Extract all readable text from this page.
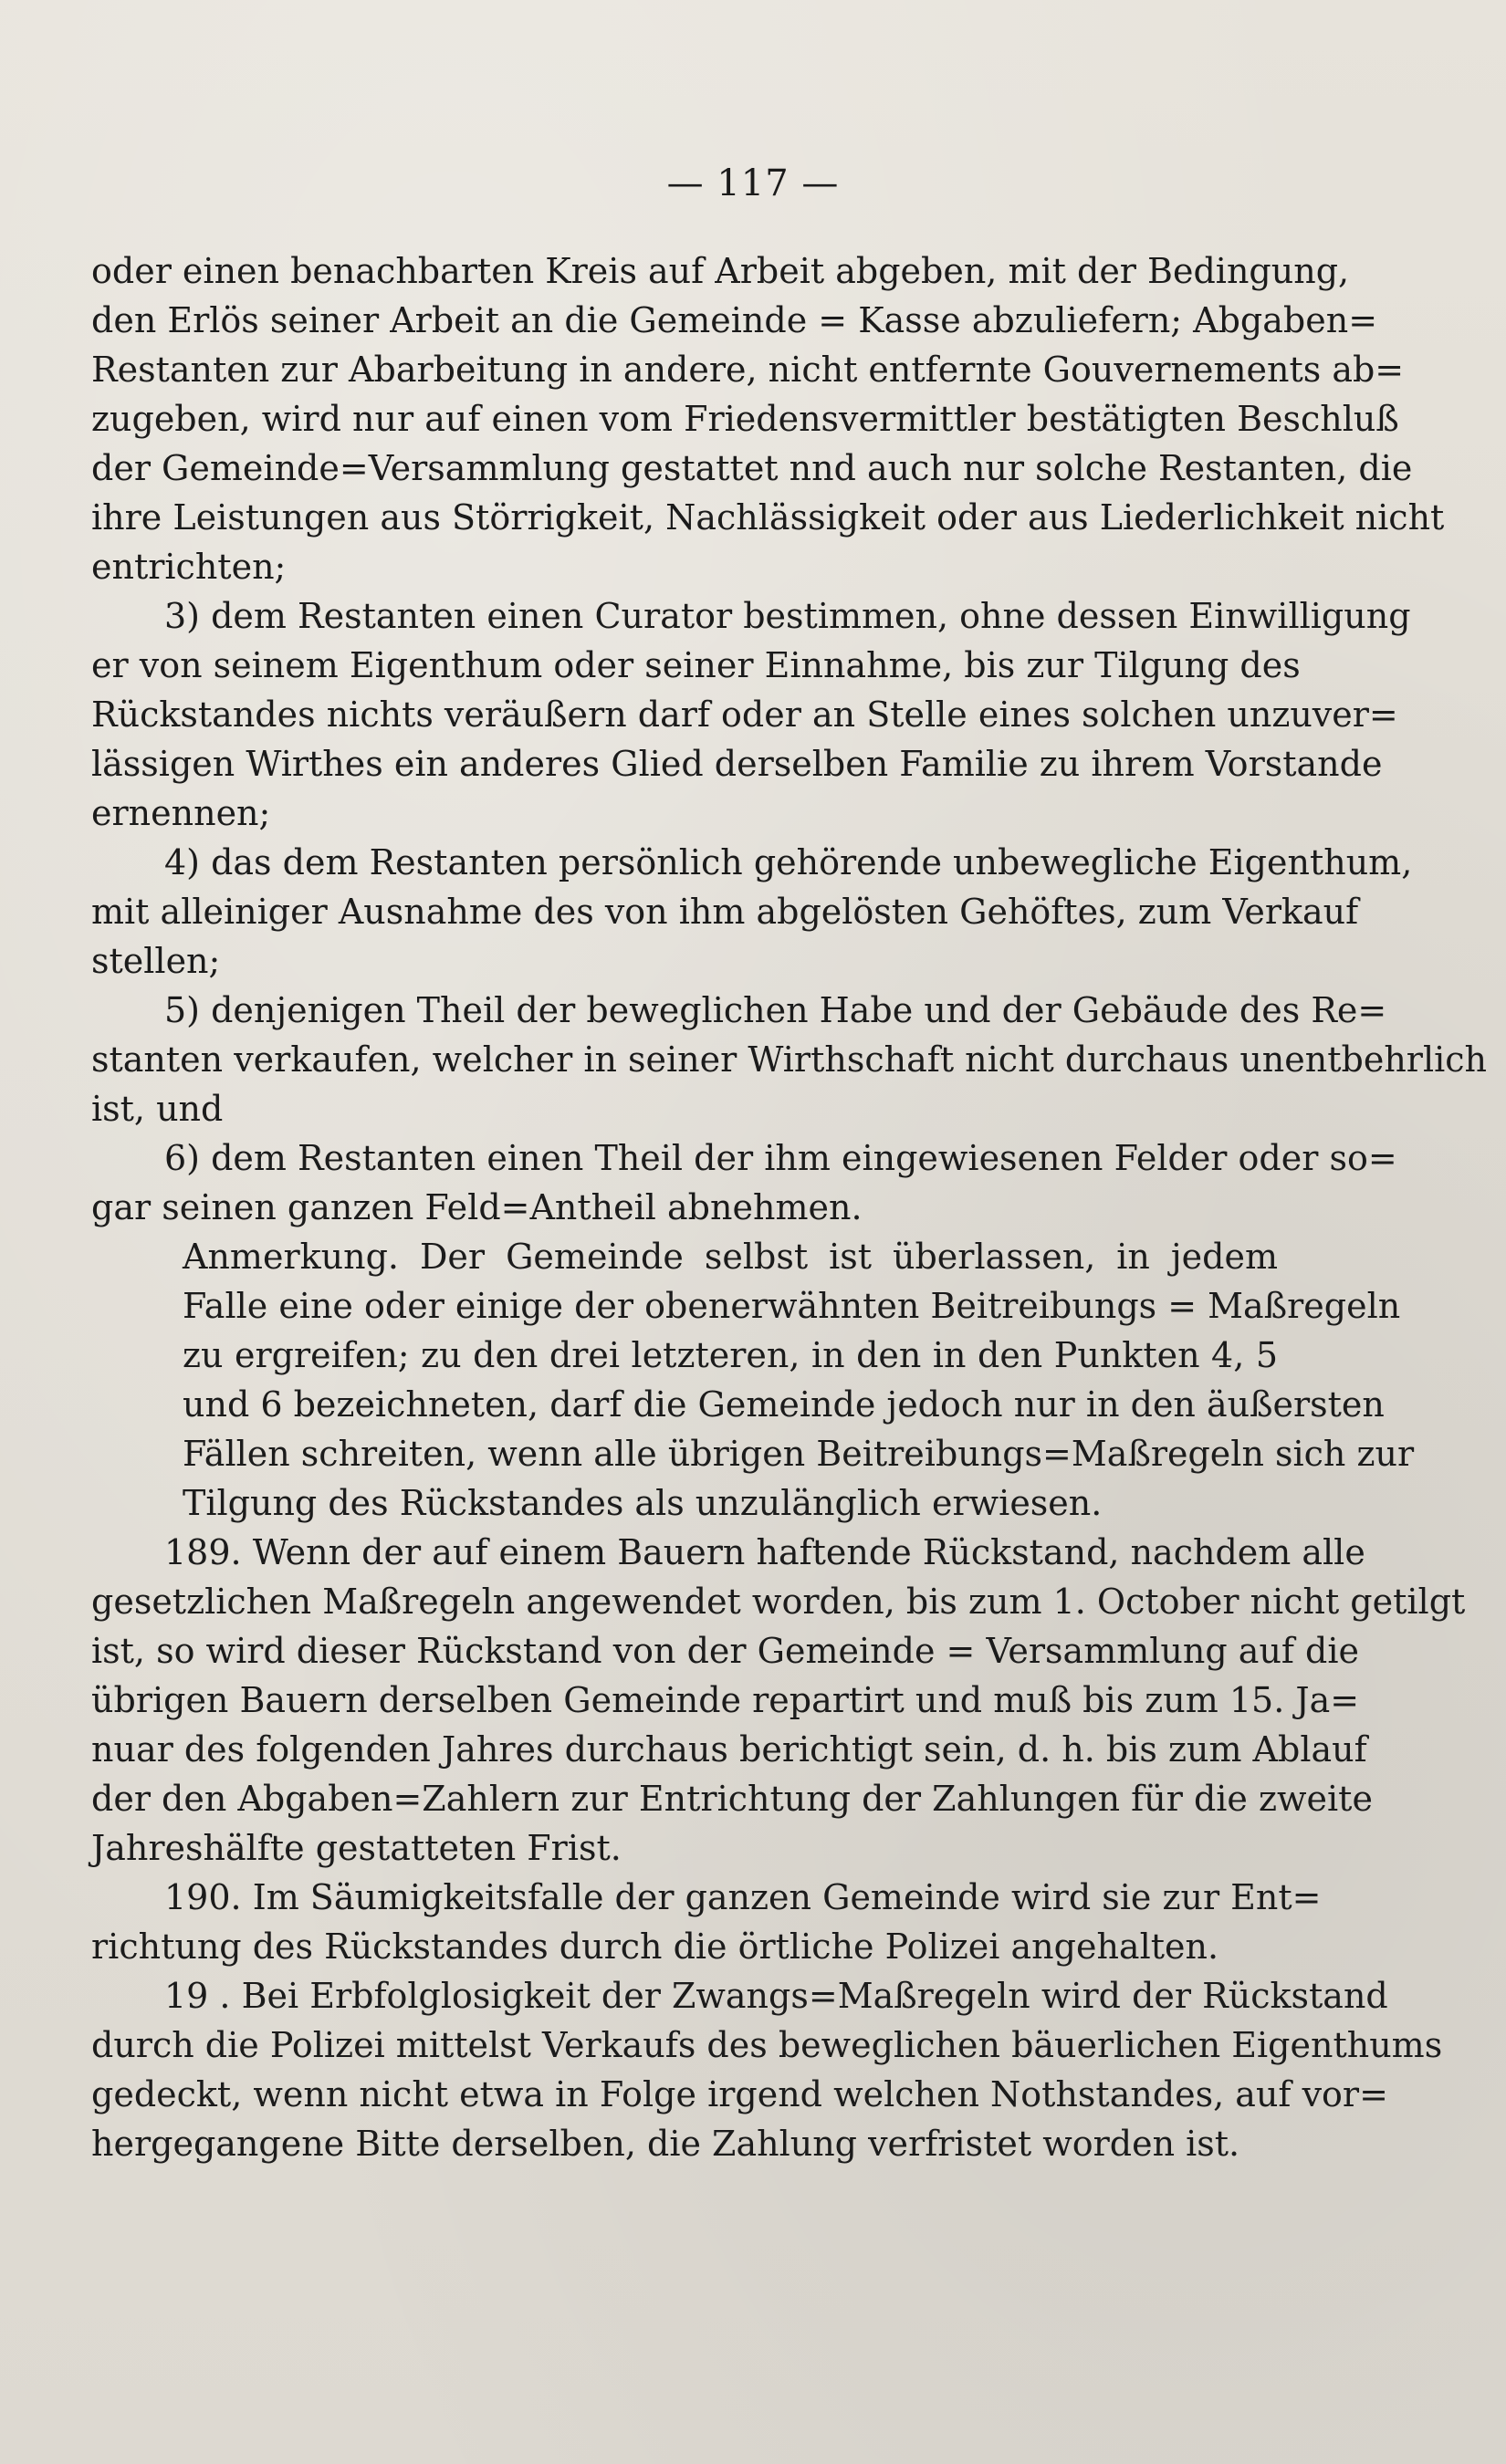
— 117 —
oder einen benachbarten Kreis auf Arbeit abgeben, mit der Bedingung,
den Erlös seiner Arbeit an die Gemeinde = Kasse abzuliefern; Abgaben=
Restanten zur Abarbeitung in andere, nicht entfernte Gouvernements ab=
zugeben, wird nur auf einen vom Friedensvermittler bestätigten Beschluß
der Gemeinde=Versammlung gestattet nnd auch nur solche Restanten, die
ihre Leistungen aus Störrigkeit, Nachlässigkeit oder aus Liederlichkeit nicht
entrichten;
3) dem Restanten einen Curator bestimmen, ohne dessen Einwilligung
er von seinem Eigenthum oder seiner Einnahme, bis zur Tilgung des
Rückstandes nichts veräußern darf oder an Stelle eines solchen unzuver=
lässigen Wirthes ein anderes Glied derselben Familie zu ihrem Vorstande
ernennen;
4) das dem Restanten persönlich gehörende unbewegliche Eigenthum,
mit alleiniger Ausnahme des von ihm abgelösten Gehöftes, zum Verkauf
stellen;
5) denjenigen Theil der beweglichen Habe und der Gebäude des Re=
stanten verkaufen, welcher in seiner Wirthschaft nicht durchaus unentbehrlich
ist, und
6) dem Restanten einen Theil der ihm eingewiesenen Felder oder so=
gar seinen ganzen Feld=Antheil abnehmen.
Anmerkung. Der Gemeinde selbst ist überlassen, in jedem
Falle eine oder einige der obenerwähnten Beitreibungs = Maßregeln
zu ergreifen; zu den drei letzteren, in den in den Punkten 4, 5
und 6 bezeichneten, darf die Gemeinde jedoch nur in den äußersten
Fällen schreiten, wenn alle übrigen Beitreibungs=Maßregeln sich zur
Tilgung des Rückstandes als unzulänglich erwiesen.
189. Wenn der auf einem Bauern haftende Rückstand, nachdem alle
gesetzlichen Maßregeln angewendet worden, bis zum 1. October nicht getilgt
ist, so wird dieser Rückstand von der Gemeinde = Versammlung auf die
übrigen Bauern derselben Gemeinde repartirt und muß bis zum 15. Ja=
nuar des folgenden Jahres durchaus berichtigt sein, d. h. bis zum Ablauf
der den Abgaben=Zahlern zur Entrichtung der Zahlungen für die zweite
Jahreshälfte gestatteten Frist.
190. Im Säumigkeitsfalle der ganzen Gemeinde wird sie zur Ent=
richtung des Rückstandes durch die örtliche Polizei angehalten.
19 . Bei Erbfolglosigkeit der Zwangs=Maßregeln wird der Rückstand
durch die Polizei mittelst Verkaufs des beweglichen bäuerlichen Eigenthums
gedeckt, wenn nicht etwa in Folge irgend welchen Nothstandes, auf vor=
hergegangene Bitte derselben, die Zahlung verfristet worden ist.
